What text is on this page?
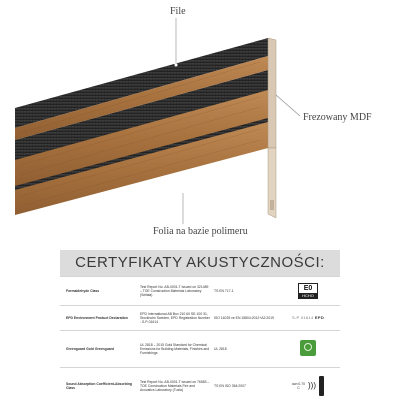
File
Frezowany MDF
Folia na bazie polimeru
CERTYFIKATY AKUSTYCZNOŚCI:
Formaldehyde Class	Test Report No. AB-0001-T issued on 321489 – TOE Construction Materials Laboratory (Sellala)	TS EN 717-1	E0
HCHO

EPD Environment Product Declaration	EPD International AB Box 210 60 SE-100 31, Stockholm Sweden, EPD Registration Number : S-P-01614	ISO 14025 ve EN 15804:2012+A2:2019	S-P 01614 EPD
Greenguard Gold Greenguard	UL 2818 – 2015 Gold Standard for Chemical Emissions for Building Materials, Finishes and Furnishings	UL 2818	
Sound Absorption Coefficient-Absorbing Class	Test Report No. AB-0001-T issued on 76583 – TOE Construction Materials Fire and Acoustics Laboratory (Tuzla)	TS EN ISO 354:2007	αw=0.70
C )))
